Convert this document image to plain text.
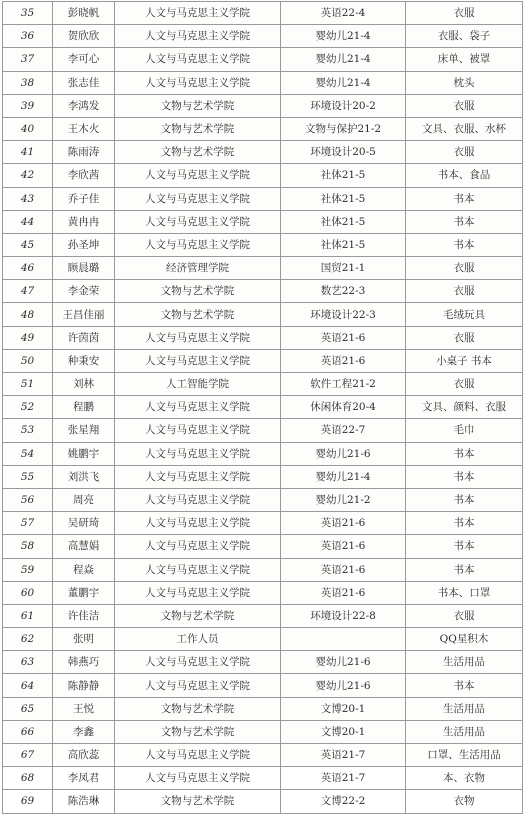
35	彭晓帆	人文与马克思主义学院	英语22-4	衣服
36	贺欣欣	人文与马克思主义学院	婴幼儿21-4	衣服、袋子
37	李可心	人文与马克思主义学院	婴幼儿21-4	床单、被罩
38	张志佳	人文与马克思主义学院	婴幼儿21-4	枕头
39	李鸿发	文物与艺术学院	环境设计20-2	衣服
40	王木火	文物与艺术学院	文物与保护21-2	文具、衣服、水杯
41	陈雨涛	文物与艺术学院	环境设计20-5	衣服
42	李欣茜	人文与马克思主义学院	社体21-5	书本、食品
43	乔子佳	人文与马克思主义学院	社体21-5	书本
44	黄冉冉	人文与马克思主义学院	社体21-5	书本
45	孙圣坤	人文与马克思主义学院	社体21-5	书本
46	顾晨璐	经济管理学院	国贸21-1	衣服
47	李金荣	文物与艺术学院	数艺22-3	衣服
48	王昌佳丽	文物与艺术学院	环境设计22-3	毛绒玩具
49	许茵茵	人文与马克思主义学院	英语21-6	衣服
50	种秉安	人文与马克思主义学院	英语21-6	小桌子 书本
51	刘林	人工智能学院	软件工程21-2	衣服
52	程鹏	人文与马克思主义学院	休闲体育20-4	文具、颜料、衣服
53	张星翔	人文与马克思主义学院	英语22-7	毛巾
54	姚鹏宇	人文与马克思主义学院	婴幼儿21-6	书本
55	刘洪飞	人文与马克思主义学院	婴幼儿21-4	书本
56	周亮	人文与马克思主义学院	婴幼儿21-2	书本
57	吴研琦	人文与马克思主义学院	英语21-6	书本
58	高慧娟	人文与马克思主义学院	英语21-6	书本
59	程焱	人文与马克思主义学院	英语21-6	书本
60	董鹏宇	人文与马克思主义学院	英语21-6	书本、口罩
61	许佳洁	文物与艺术学院	环境设计22-8	衣服
62	张明	工作人员		QQ星积木
63	韩燕巧	人文与马克思主义学院	婴幼儿21-6	生活用品
64	陈静静	人文与马克思主义学院	婴幼儿21-6	书本
65	王悦	文物与艺术学院	文博20-1	生活用品
66	李鑫	文物与艺术学院	文博20-1	生活用品
67	高欣蕊	人文与马克思主义学院	英语21-7	口罩、生活用品
68	李凤君	人文与马克思主义学院	英语21-7	本、衣物
69	陈浩琳	文物与艺术学院	文博22-2	衣物
